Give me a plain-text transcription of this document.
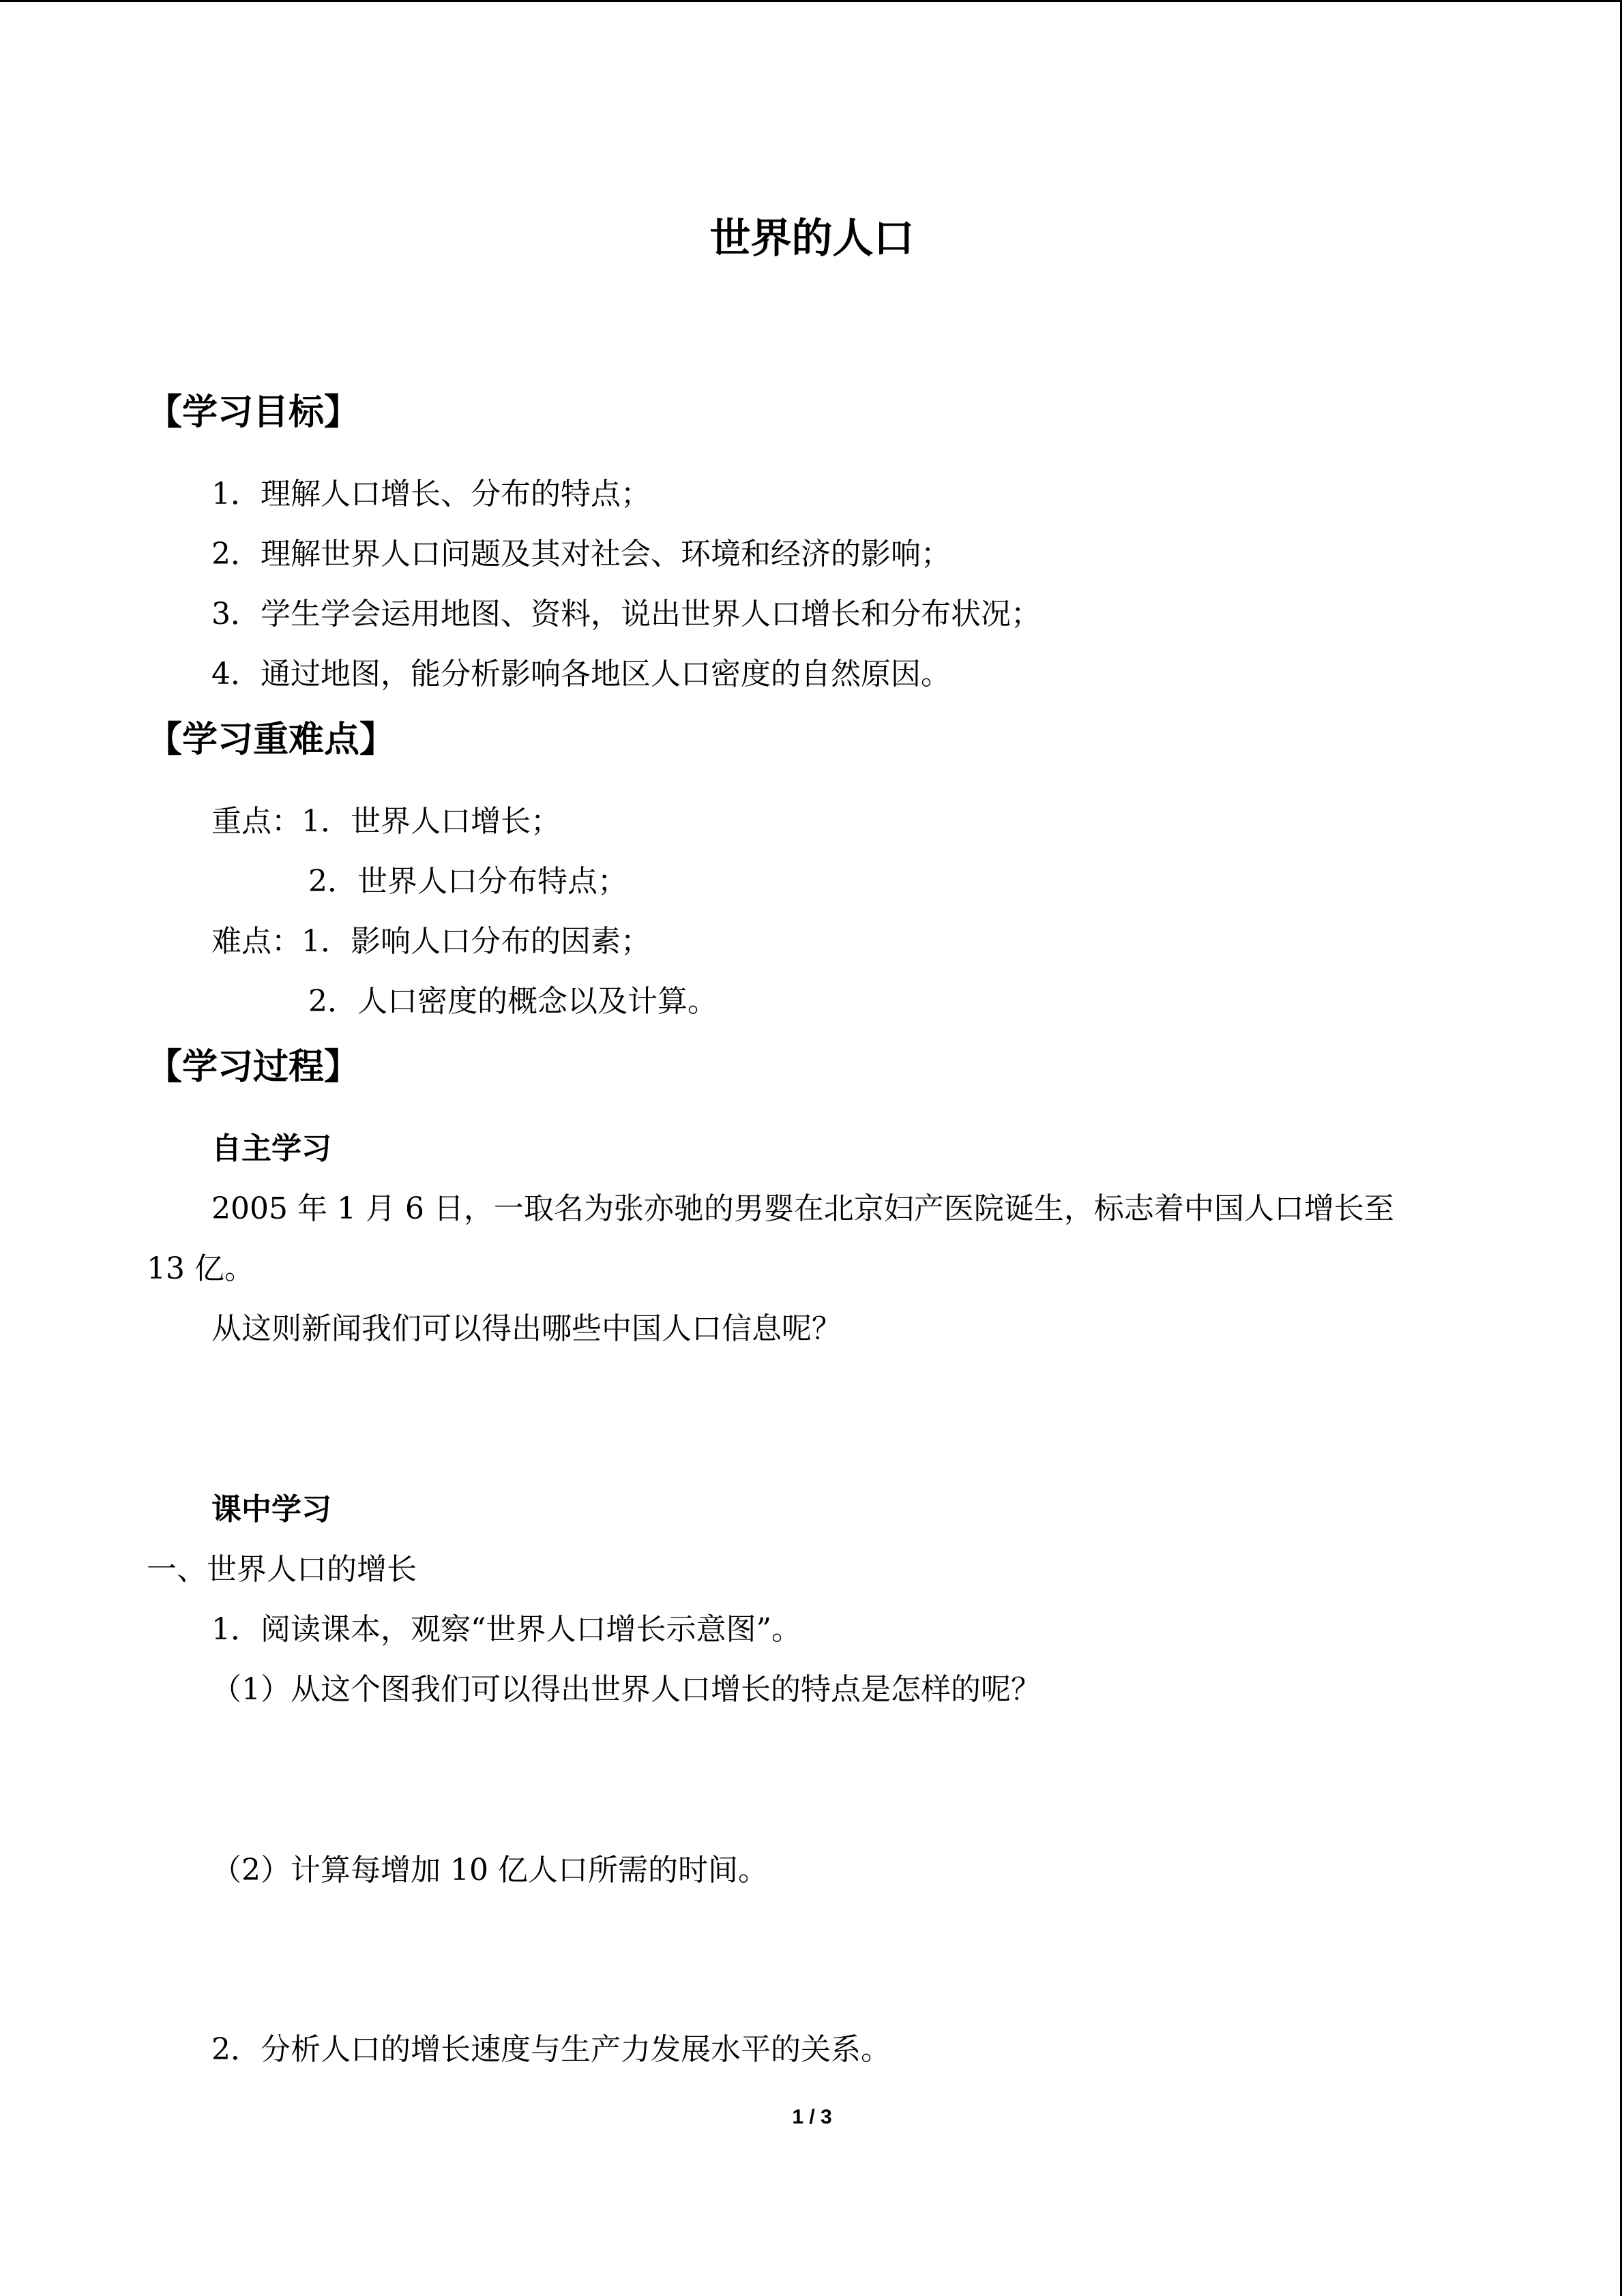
世界的人口
【学习目标】
1．理解人口增长、分布的特点；
2．理解世界人口问题及其对社会、环境和经济的影响；
3．学生学会运用地图、资料，说出世界人口增长和分布状况；
4．通过地图，能分析影响各地区人口密度的自然原因。
【学习重难点】
重点：1．世界人口增长；
2．世界人口分布特点；
难点：1．影响人口分布的因素；
2．人口密度的概念以及计算。
【学习过程】
自主学习
2005 年 1 月 6 日，一取名为张亦驰的男婴在北京妇产医院诞生，标志着中国人口增长至
13 亿。
从这则新闻我们可以得出哪些中国人口信息呢？
课中学习
一、世界人口的增长
1．阅读课本，观察“世界人口增长示意图”。
（1）从这个图我们可以得出世界人口增长的特点是怎样的呢？
（2）计算每增加 10 亿人口所需的时间。
2．分析人口的增长速度与生产力发展水平的关系。
1 / 3
